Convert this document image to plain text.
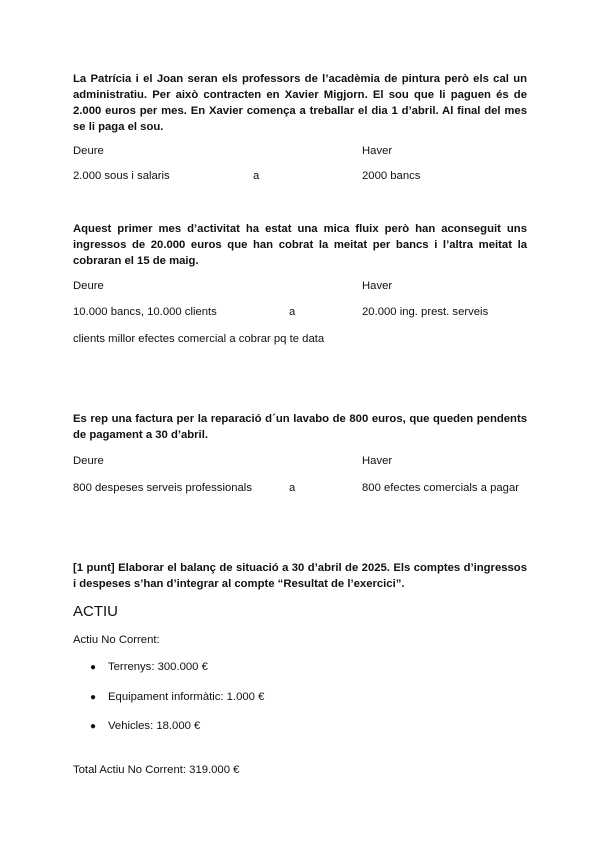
La Patrícia i el Joan seran els professors de l’acadèmia de pintura però els cal un administratiu. Per això contracten en Xavier Migjorn. El sou que li paguen és de 2.000 euros per mes. En Xavier comença a treballar el dia 1 d’abril. Al final del mes se li paga el sou.

Deure	Haver
2.000 sous i salaris	a	2000 bancs

Aquest primer mes d’activitat ha estat una mica fluix però han aconseguit uns ingressos de 20.000 euros que han cobrat la meitat per bancs i l’altra meitat la cobraran el 15 de maig.

Deure	Haver
10.000 bancs, 10.000 clients	a	20.000 ing. prest. serveis
clients millor efectes comercial a cobrar pq te data

Es rep una factura per la reparació d´un lavabo de 800 euros, que queden pendents de pagament a 30 d’abril.

Deure	Haver
800 despeses serveis professionals	a	800 efectes comercials a pagar

[1 punt] Elaborar el balanç de situació a 30 d’abril de 2025. Els comptes d’ingressos i despeses s’han d’integrar al compte “Resultat de l’exercici”.

ACTIU
Actiu No Corrent:
● Terrenys: 300.000 €
● Equipament informàtic: 1.000 €
● Vehicles: 18.000 €
Total Actiu No Corrent: 319.000 €
